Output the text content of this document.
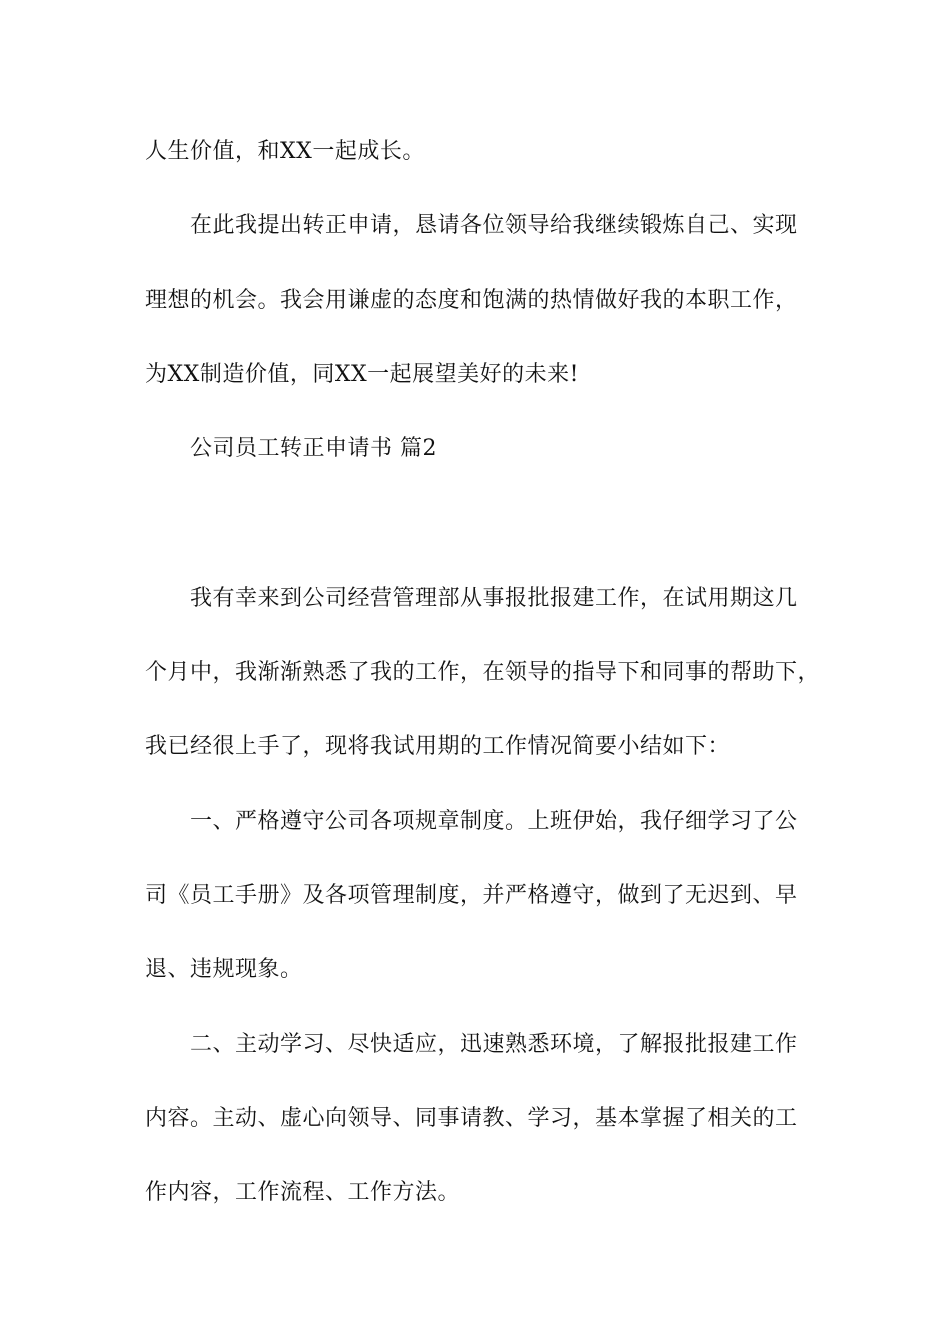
人生价值，和XX一起成长。
在此我提出转正申请，恳请各位领导给我继续锻炼自己、实现
理想的机会。我会用谦虚的态度和饱满的热情做好我的本职工作，
为XX制造价值，同XX一起展望美好的未来!
公司员工转正申请书 篇2
我有幸来到公司经营管理部从事报批报建工作，在试用期这几
个月中，我渐渐熟悉了我的工作，在领导的指导下和同事的帮助下，
我已经很上手了，现将我试用期的工作情况简要小结如下：
一、严格遵守公司各项规章制度。上班伊始，我仔细学习了公
司《员工手册》及各项管理制度，并严格遵守，做到了无迟到、早
退、违规现象。
二、主动学习、尽快适应，迅速熟悉环境，了解报批报建工作
内容。主动、虚心向领导、同事请教、学习，基本掌握了相关的工
作内容，工作流程、工作方法。
